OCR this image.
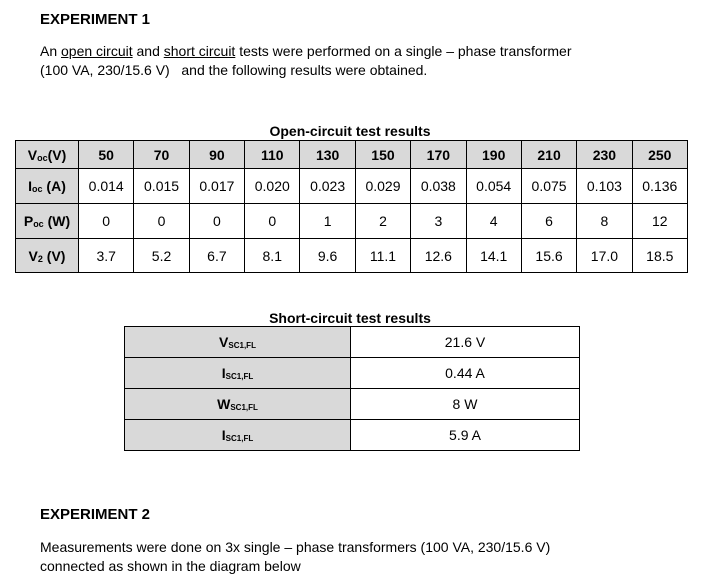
EXPERIMENT 1
An open circuit and short circuit tests were performed on a single – phase transformer
(100 VA, 230/15.6 V)   and the following results were obtained.
Open-circuit test results
$V_{oc}(V)$	50	70	90	110	130	150	170	190	210	230	250
$I_{oc}$ (A)	0.014	0.015	0.017	0.020	0.023	0.029	0.038	0.054	0.075	0.103	0.136
$P_{oc}$ (W)	0	0	0	0	1	2	3	4	6	8	12
$V_2$ (V)	3.7	5.2	6.7	8.1	9.6	11.1	12.6	14.1	15.6	17.0	18.5
Short-circuit test results
$V_{SC1,FL}$	21.6 V
$I_{SC1,FL}$	0.44 A
$W_{SC1,FL}$	8 W
$I_{SC1,FL}$	5.9 A
EXPERIMENT 2
Measurements were done on 3x single – phase transformers (100 VA, 230/15.6 V)
connected as shown in the diagram below
